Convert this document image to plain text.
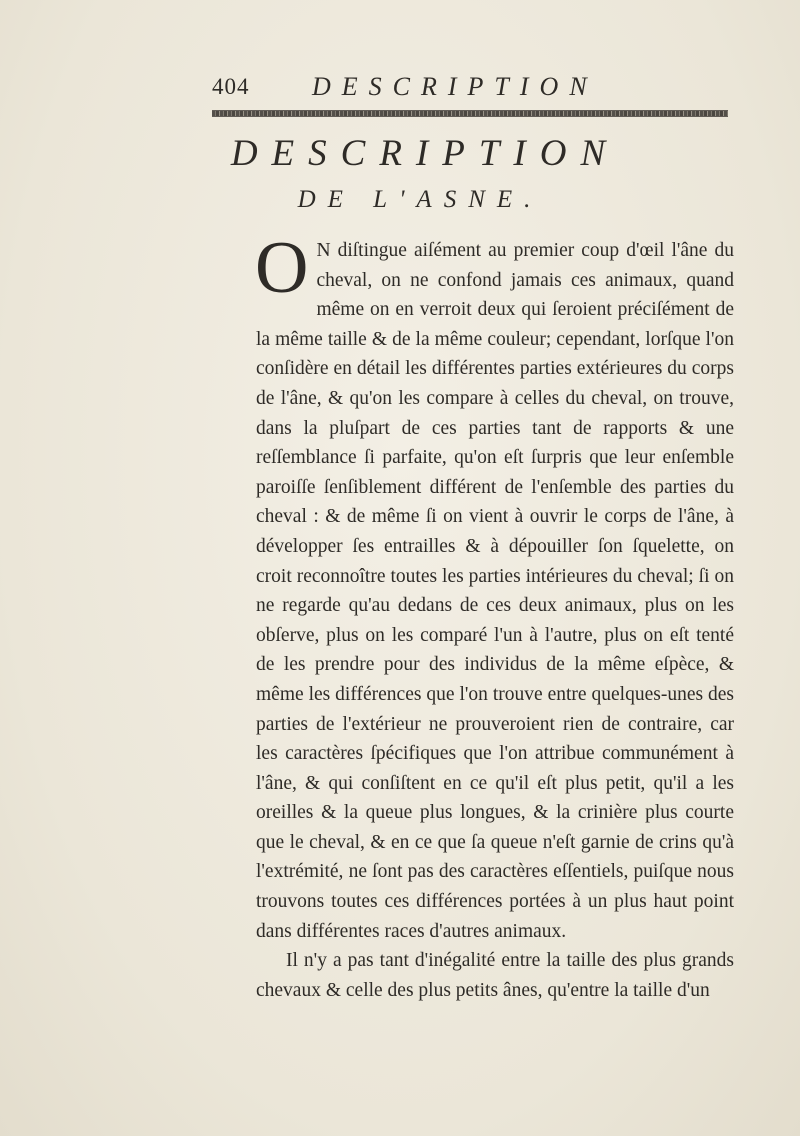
404 DESCRIPTION
DESCRIPTION
DE L'ASNE.

O N diſtingue aiſément au premier coup d'œil l'âne du cheval, on ne confond jamais ces animaux, quand même on en verroit deux qui ſeroient préciſément de la même taille & de la même couleur; cependant, lorſque l'on conſidère en détail les différentes parties extérieures du corps de l'âne, & qu'on les compare à celles du cheval, on trouve, dans la pluſpart de ces parties tant de rapports & une reſſemblance ſi parfaite, qu'on eſt ſurpris que leur enſemble paroiſſe ſenſiblement différent de l'enſemble des parties du cheval : & de même ſi on vient à ouvrir le corps de l'âne, à développer ſes entrailles & à dépouiller ſon ſquelette, on croit reconnoître toutes les parties intérieures du cheval; ſi on ne regarde qu'au dedans de ces deux animaux, plus on les obſerve, plus on les comparé l'un à l'autre, plus on eſt tenté de les prendre pour des individus de la même eſpèce, & même les différences que l'on trouve entre quelques-unes des parties de l'extérieur ne prouveroient rien de contraire, car les caractères ſpécifiques que l'on attribue communément à l'âne, & qui conſiſtent en ce qu'il eſt plus petit, qu'il a les oreilles & la queue plus longues, & la crinière plus courte que le cheval, & en ce que ſa queue n'eſt garnie de crins qu'à l'extrémité, ne ſont pas des caractères eſſentiels, puiſque nous trouvons toutes ces différences portées à un plus haut point dans différentes races d'autres animaux.

Il n'y a pas tant d'inégalité entre la taille des plus grands chevaux & celle des plus petits ânes, qu'entre la taille d'un
